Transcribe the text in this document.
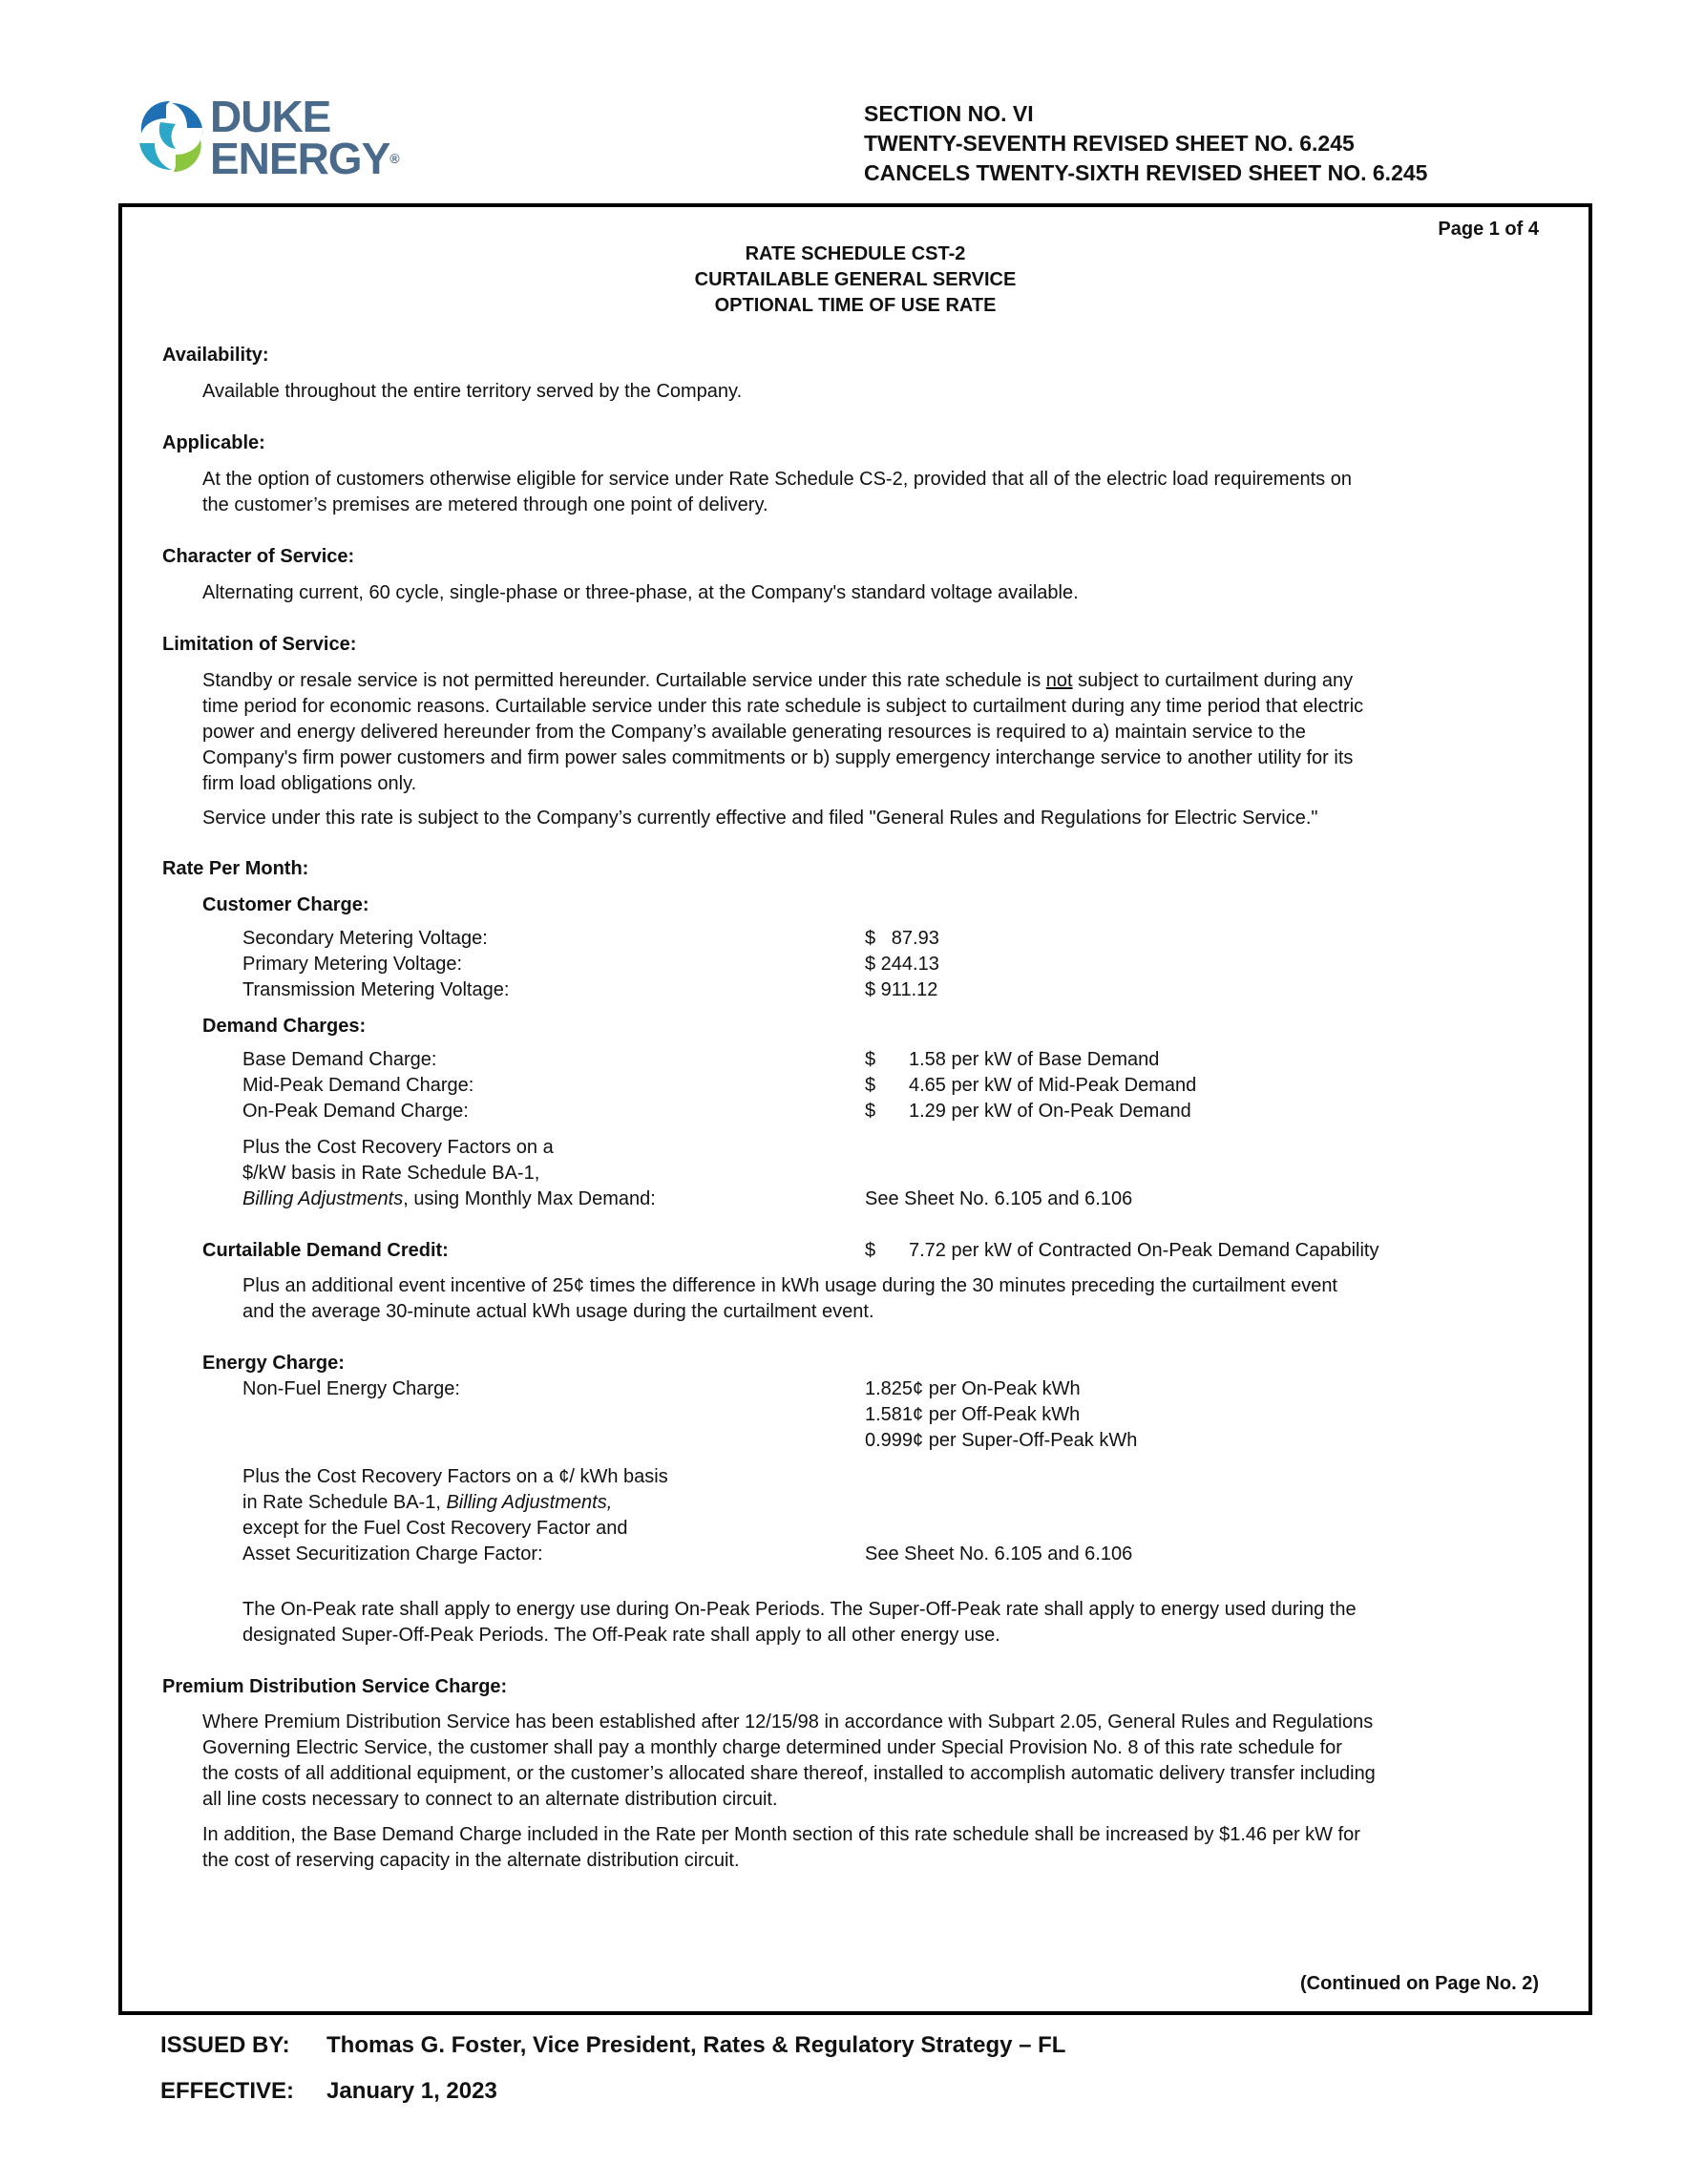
DUKE
ENERGY®
SECTION NO. VI
TWENTY-SEVENTH REVISED SHEET NO. 6.245
CANCELS TWENTY-SIXTH REVISED SHEET NO. 6.245
Page 1 of 4
RATE SCHEDULE CST-2
CURTAILABLE GENERAL SERVICE
OPTIONAL TIME OF USE RATE
Availability:
Available throughout the entire territory served by the Company.
Applicable:
At the option of customers otherwise eligible for service under Rate Schedule CS-2, provided that all of the electric load requirements on
the customer’s premises are metered through one point of delivery.
Character of Service:
Alternating current, 60 cycle, single-phase or three-phase, at the Company's standard voltage available.
Limitation of Service:
Standby or resale service is not permitted hereunder. Curtailable service under this rate schedule is not subject to curtailment during any
time period for economic reasons. Curtailable service under this rate schedule is subject to curtailment during any time period that electric
power and energy delivered hereunder from the Company’s available generating resources is required to a) maintain service to the
Company's firm power customers and firm power sales commitments or b) supply emergency interchange service to another utility for its
firm load obligations only.
Service under this rate is subject to the Company’s currently effective and filed "General Rules and Regulations for Electric Service."
Rate Per Month:
Customer Charge:
Secondary Metering Voltage:	$   87.93
Primary Metering Voltage:	$ 244.13
Transmission Metering Voltage:	$ 911.12
Demand Charges:
Base Demand Charge:	$ 1.58 per kW of Base Demand
Mid-Peak Demand Charge:	$ 4.65 per kW of Mid-Peak Demand
On-Peak Demand Charge:	$ 1.29 per kW of On-Peak Demand
Plus the Cost Recovery Factors on a
$/kW basis in Rate Schedule BA-1,
Billing Adjustments, using Monthly Max Demand:	See Sheet No. 6.105 and 6.106
Curtailable Demand Credit:	$ 7.72 per kW of Contracted On-Peak Demand Capability
Plus an additional event incentive of 25¢ times the difference in kWh usage during the 30 minutes preceding the curtailment event
and the average 30-minute actual kWh usage during the curtailment event.
Energy Charge:
Non-Fuel Energy Charge:	1.825¢ per On-Peak kWh
1.581¢ per Off-Peak kWh
0.999¢ per Super-Off-Peak kWh
Plus the Cost Recovery Factors on a ¢/ kWh basis
in Rate Schedule BA-1, Billing Adjustments,
except for the Fuel Cost Recovery Factor and
Asset Securitization Charge Factor:	See Sheet No. 6.105 and 6.106
The On-Peak rate shall apply to energy use during On-Peak Periods. The Super-Off-Peak rate shall apply to energy used during the
designated Super-Off-Peak Periods. The Off-Peak rate shall apply to all other energy use.
Premium Distribution Service Charge:
Where Premium Distribution Service has been established after 12/15/98 in accordance with Subpart 2.05, General Rules and Regulations
Governing Electric Service, the customer shall pay a monthly charge determined under Special Provision No. 8 of this rate schedule for
the costs of all additional equipment, or the customer’s allocated share thereof, installed to accomplish automatic delivery transfer including
all line costs necessary to connect to an alternate distribution circuit.
In addition, the Base Demand Charge included in the Rate per Month section of this rate schedule shall be increased by $1.46 per kW for
the cost of reserving capacity in the alternate distribution circuit.
(Continued on Page No. 2)
ISSUED BY: Thomas G. Foster, Vice President, Rates & Regulatory Strategy – FL
EFFECTIVE: January 1, 2023
